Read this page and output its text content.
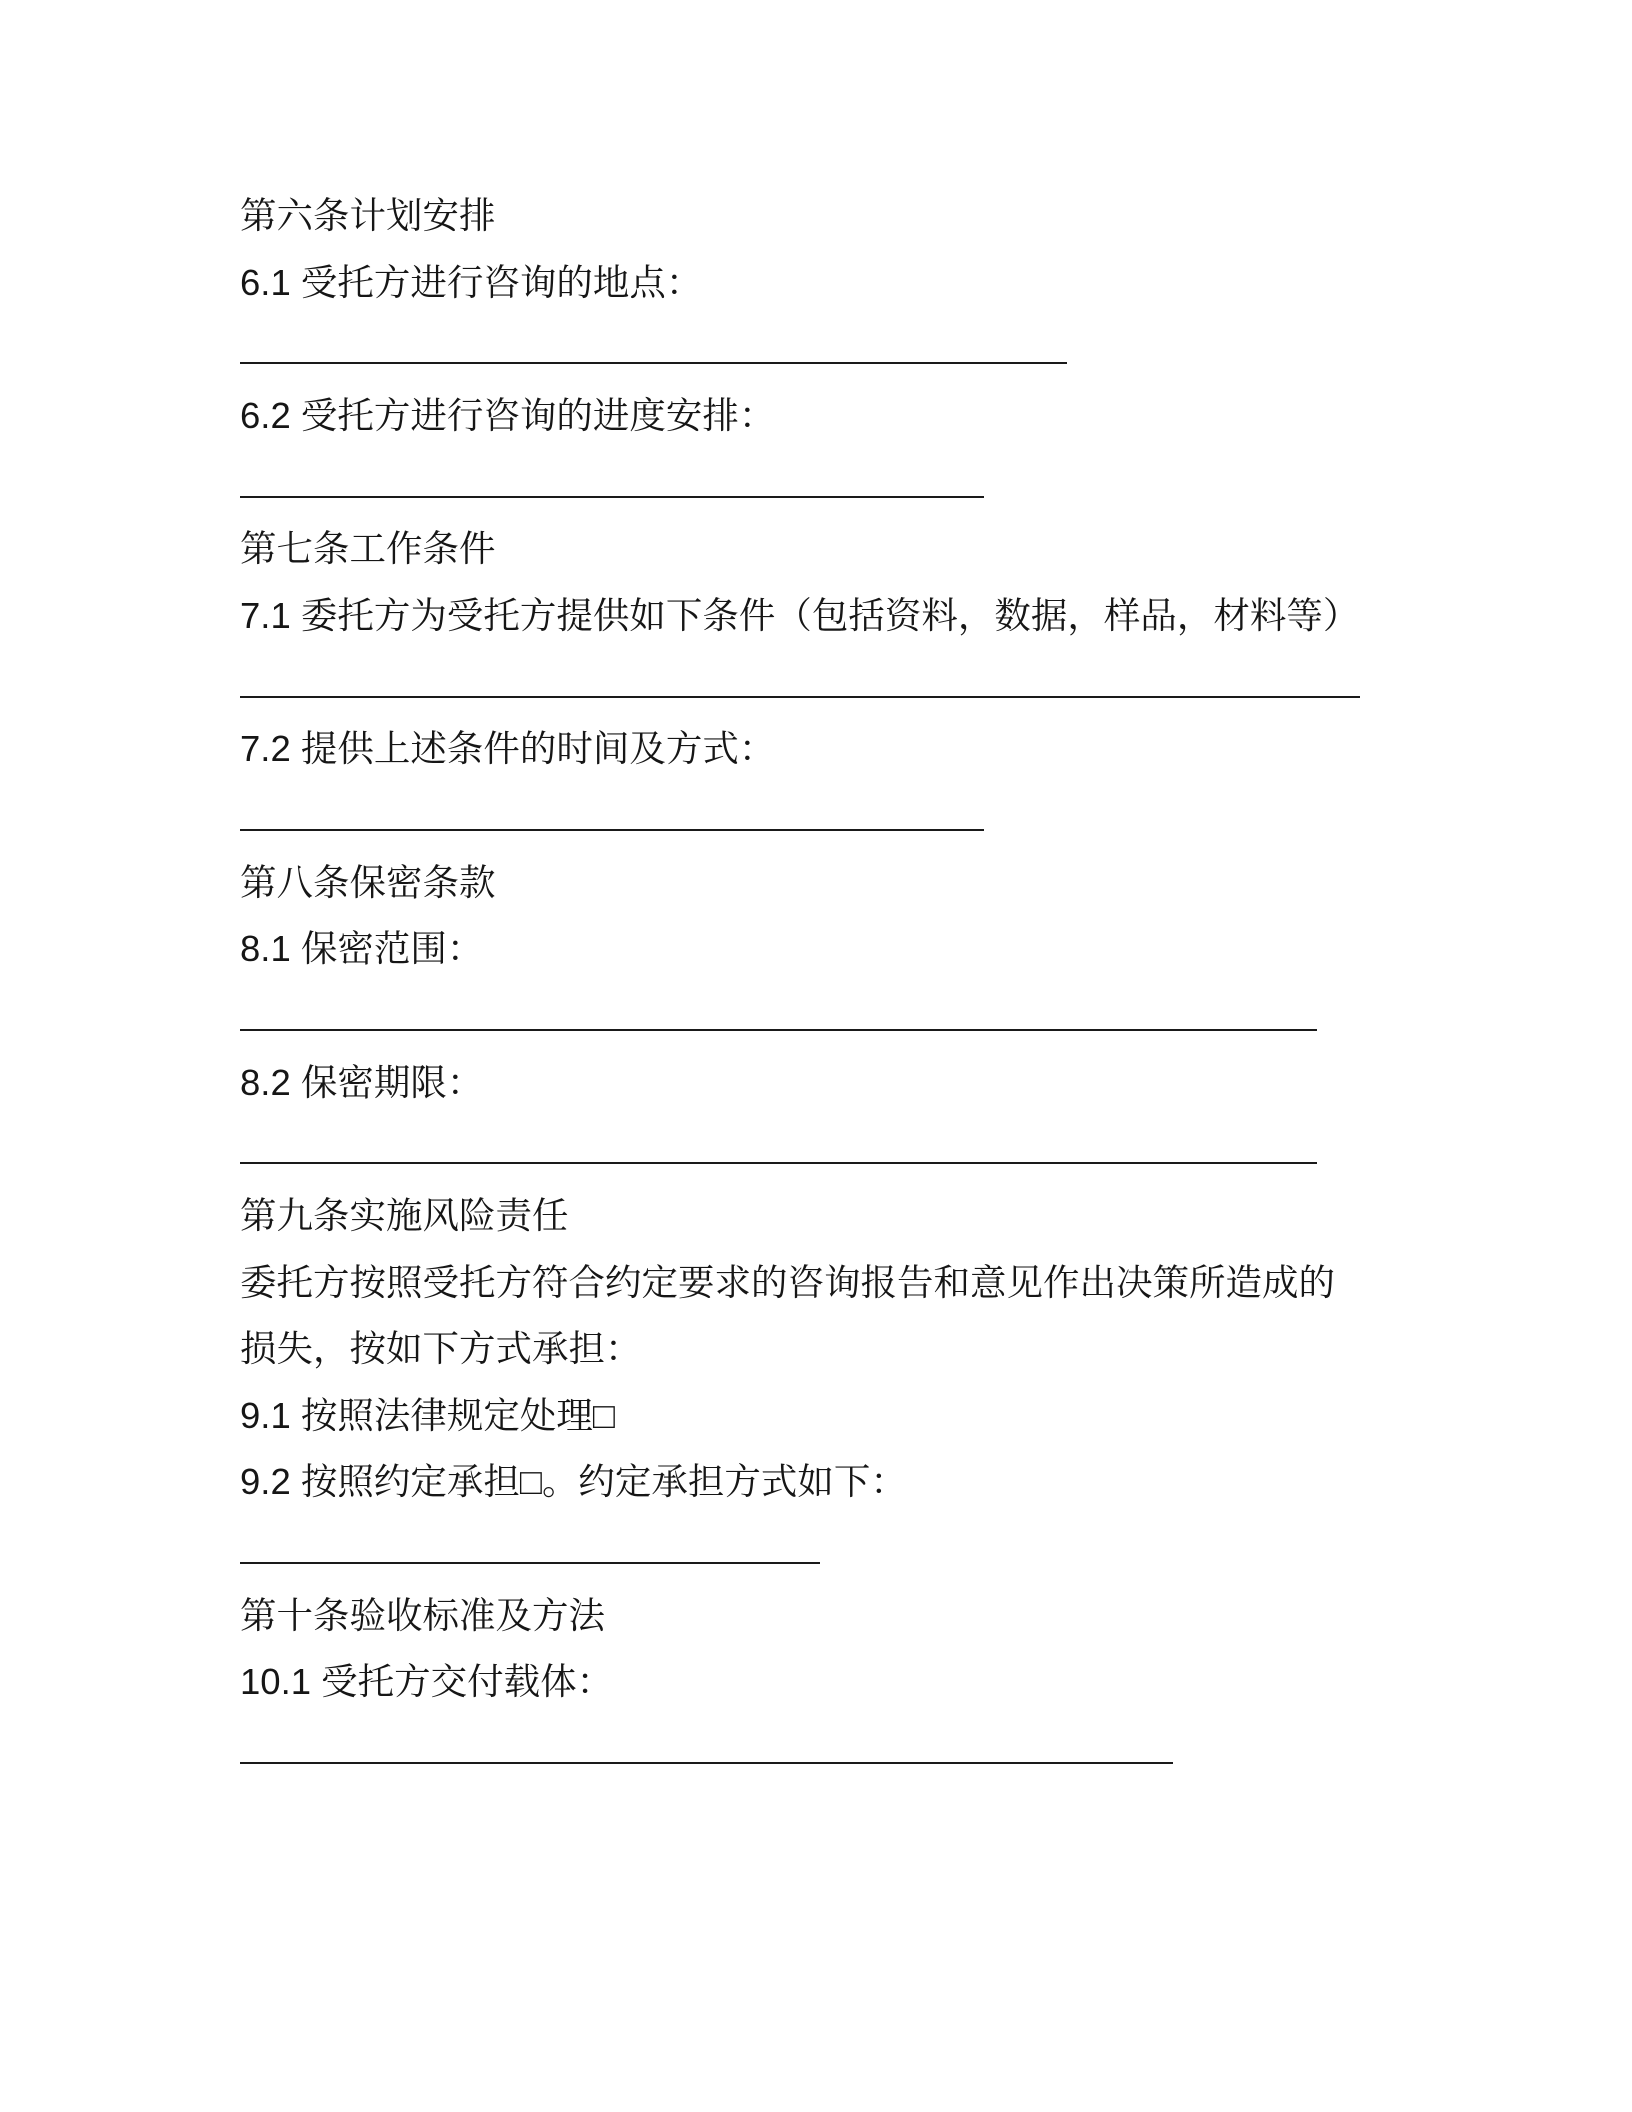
第六条计划安排
6.1 受托方进行咨询的地点：
6.2 受托方进行咨询的进度安排：
第七条工作条件
7.1 委托方为受托方提供如下条件（包括资料，数据，样品，材料等）
7.2 提供上述条件的时间及方式：
第八条保密条款
8.1 保密范围：
8.2 保密期限：
第九条实施风险责任
委托方按照受托方符合约定要求的咨询报告和意见作出决策所造成的
损失，按如下方式承担：
9.1 按照法律规定处理□
9.2 按照约定承担□。约定承担方式如下：
第十条验收标准及方法
10.1 受托方交付载体：
